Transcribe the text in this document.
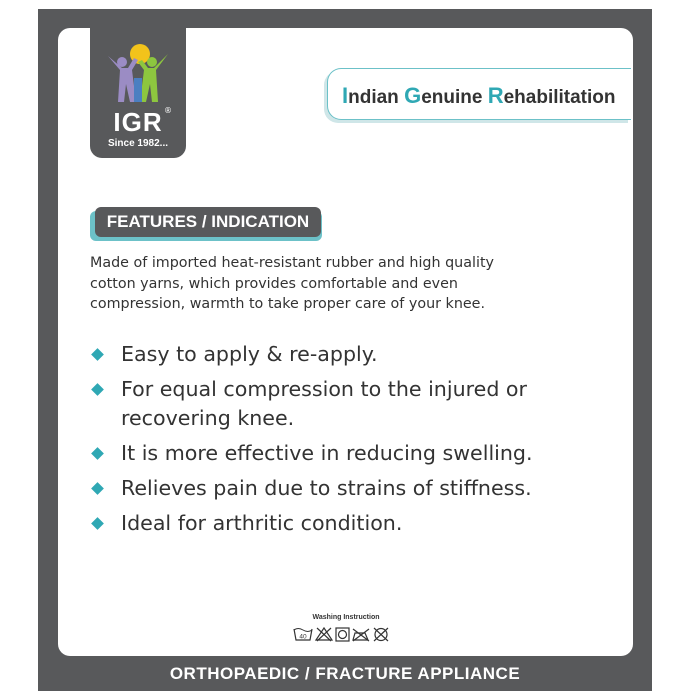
IGR ®
Since 1982...
Indian Genuine Rehabilitation
FEATURES / INDICATION
Made of imported heat-resistant rubber and high quality
cotton yarns, which provides comfortable and even
compression, warmth to take proper care of your knee.
Easy to apply & re-apply.
For equal compression to the injured or
recovering knee.
It is more effective in reducing swelling.
Relieves pain due to strains of stiffness.
Ideal for arthritic condition.
Washing Instruction
40
ORTHOPAEDIC / FRACTURE APPLIANCE
